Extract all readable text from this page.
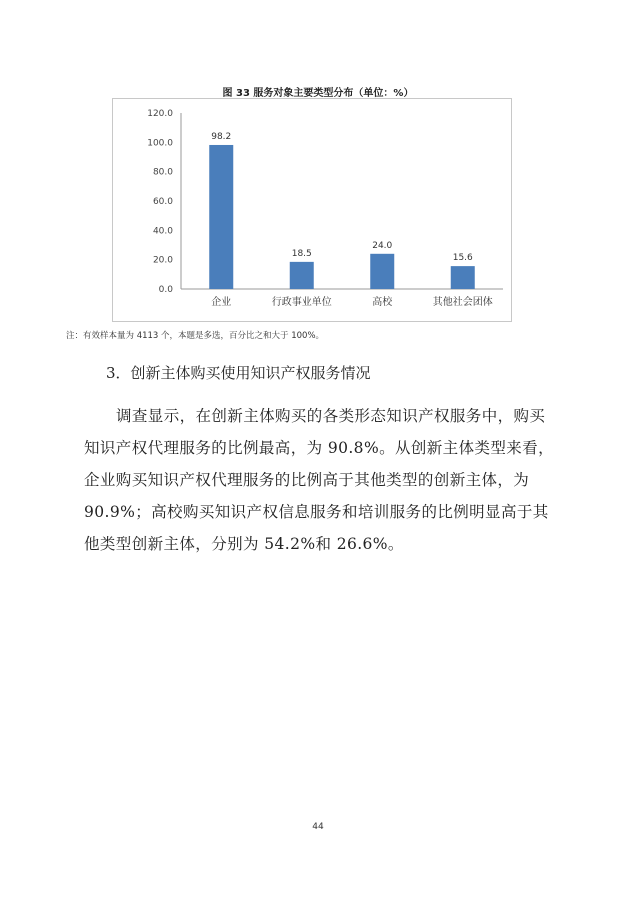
图 33 服务对象主要类型分布（单位：%）
0.0
20.0
40.0
60.0
80.0
100.0
120.0
98.2
企业
18.5
行政事业单位
24.0
高校
15.6
其他社会团体
注：有效样本量为 4113 个，本题是多选，百分比之和大于 100%。
3．创新主体购买使用知识产权服务情况
调查显示，在创新主体购买的各类形态知识产权服务中，购买知识产权代理服务的比例最高，为 90.8%。从创新主体类型来看，企业购买知识产权代理服务的比例高于其他类型的创新主体，为 90.9%；高校购买知识产权信息服务和培训服务的比例明显高于其他类型创新主体，分别为 54.2%和 26.6%。
44
